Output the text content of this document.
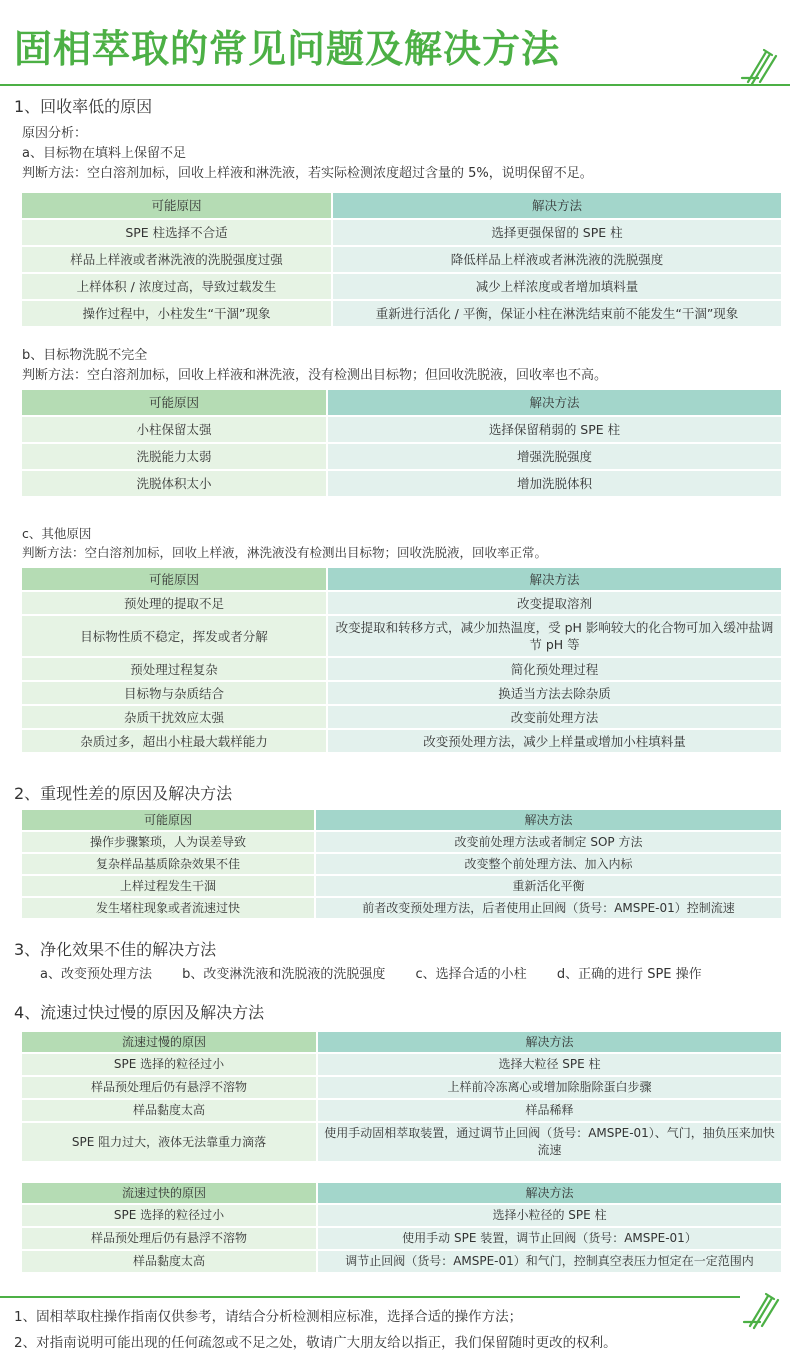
固相萃取的常见问题及解决方法
1、回收率低的原因
原因分析：
a、目标物在填料上保留不足
判断方法：空白溶剂加标，回收上样液和淋洗液，若实际检测浓度超过含量的 5%，说明保留不足。
可能原因	解决方法
SPE 柱选择不合适	选择更强保留的 SPE 柱
样品上样液或者淋洗液的洗脱强度过强	降低样品上样液或者淋洗液的洗脱强度
上样体积 / 浓度过高，导致过载发生	减少上样浓度或者增加填料量
操作过程中，小柱发生“干涸”现象	重新进行活化 / 平衡，保证小柱在淋洗结束前不能发生“干涸”现象
b、目标物洗脱不完全
判断方法：空白溶剂加标，回收上样液和淋洗液，没有检测出目标物；但回收洗脱液，回收率也不高。
可能原因	解决方法
小柱保留太强	选择保留稍弱的 SPE 柱
洗脱能力太弱	增强洗脱强度
洗脱体积太小	增加洗脱体积
c、其他原因
判断方法：空白溶剂加标，回收上样液，淋洗液没有检测出目标物；回收洗脱液，回收率正常。
可能原因	解决方法
预处理的提取不足	改变提取溶剂
目标物性质不稳定，挥发或者分解	改变提取和转移方式，减少加热温度，受 pH 影响较大的化合物可加入缓冲盐调节 pH 等
预处理过程复杂	简化预处理过程
目标物与杂质结合	换适当方法去除杂质
杂质干扰效应太强	改变前处理方法
杂质过多，超出小柱最大载样能力	改变预处理方法，减少上样量或增加小柱填料量
2、重现性差的原因及解决方法
可能原因	解决方法
操作步骤繁琐，人为误差导致	改变前处理方法或者制定 SOP 方法
复杂样品基质除杂效果不佳	改变整个前处理方法、加入内标
上样过程发生干涸	重新活化平衡
发生堵柱现象或者流速过快	前者改变预处理方法，后者使用止回阀（货号：AMSPE-01）控制流速
3、净化效果不佳的解决方法
a、改变预处理方法 b、改变淋洗液和洗脱液的洗脱强度 c、选择合适的小柱 d、正确的进行 SPE 操作
4、流速过快过慢的原因及解决方法
流速过慢的原因	解决方法
SPE 选择的粒径过小	选择大粒径 SPE 柱
样品预处理后仍有悬浮不溶物	上样前冷冻离心或增加除脂除蛋白步骤
样品黏度太高	样品稀释
SPE 阻力过大，液体无法靠重力滴落	使用手动固相萃取装置，通过调节止回阀（货号：AMSPE-01）、气门，抽负压来加快流速
流速过快的原因	解决方法
SPE 选择的粒径过小	选择小粒径的 SPE 柱
样品预处理后仍有悬浮不溶物	使用手动 SPE 装置，调节止回阀（货号：AMSPE-01）
样品黏度太高	调节止回阀（货号：AMSPE-01）和气门，控制真空表压力恒定在一定范围内
1、固相萃取柱操作指南仅供参考，请结合分析检测相应标准，选择合适的操作方法；
2、对指南说明可能出现的任何疏忽或不足之处，敬请广大朋友给以指正，我们保留随时更改的权利。
